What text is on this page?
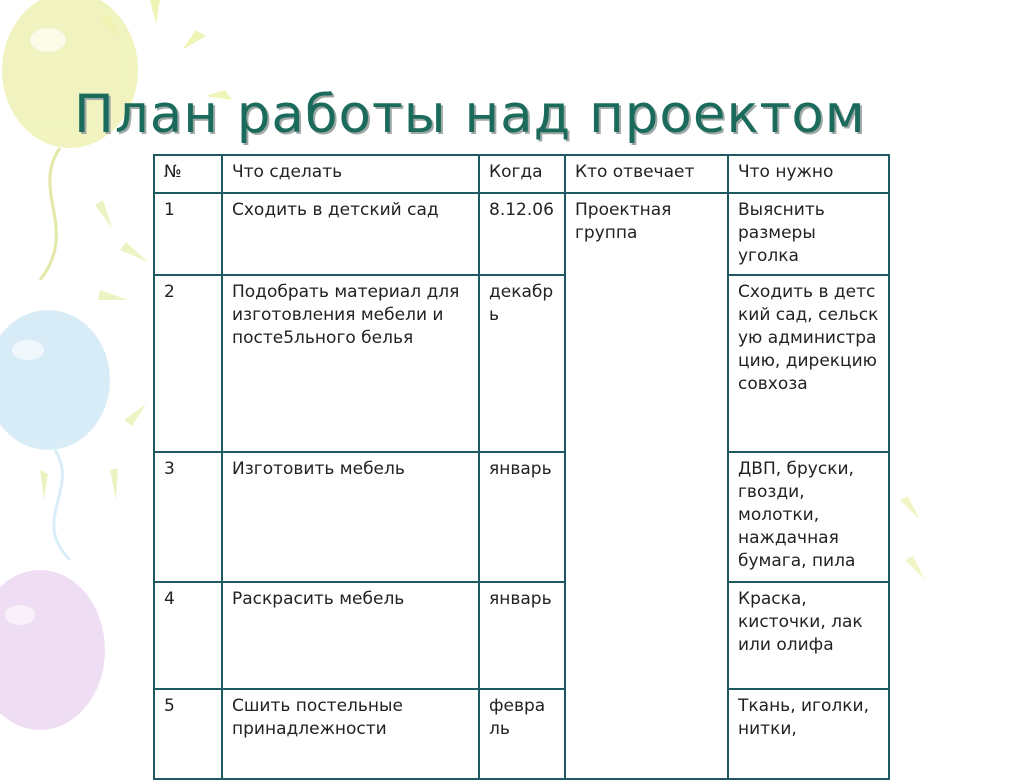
План работы над проектом
№	Что сделать	Когда	Кто отвечает	Что нужно
1	Сходить в детский сад	8.12.06	Проектная группа	Выяснить размеры уголка
2	Подобрать материал для изготовления мебели и посте5льного белья	декабрь		Сходить в детский сад, сельскую администрацию, дирекцию совхоза
3	Изготовить мебель	январь		ДВП, бруски, гвозди, молотки, наждачная бумага, пила
4	Раскрасить мебель	январь		Краска, кисточки, лак или олифа
5	Сшить постельные принадлежности	февраль		Ткань, иголки, нитки,
